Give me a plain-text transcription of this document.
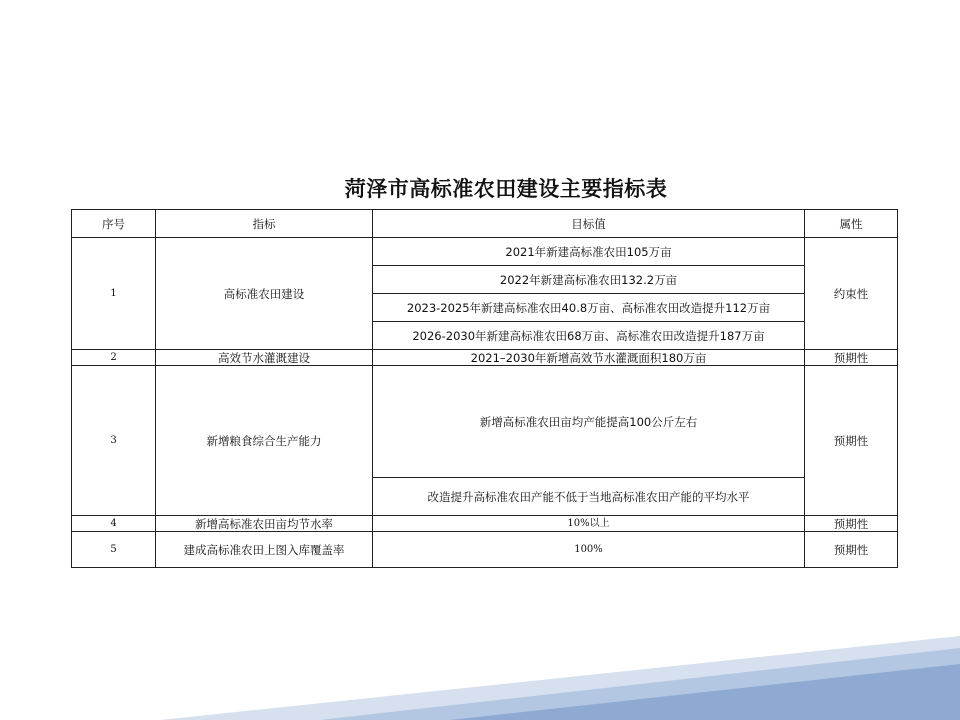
菏泽市高标准农田建设主要指标表
序号	指标	目标值	属性
1	高标准农田建设	2021年新建高标准农田105万亩	约束性
		2022年新建高标准农田132.2万亩	
		2023-2025年新建高标准农田40.8万亩、高标准农田改造提升112万亩	
		2026-2030年新建高标准农田68万亩、高标准农田改造提升187万亩	
2	高效节水灌溉建设	2021–2030年新增高效节水灌溉面积180万亩	预期性
3	新增粮食综合生产能力	新增高标准农田亩均产能提高100公斤左右	预期性
		改造提升高标准农田产能不低于当地高标准农田产能的平均水平	
4	新增高标准农田亩均节水率	10%以上	预期性
5	建成高标准农田上图入库覆盖率	100%	预期性
